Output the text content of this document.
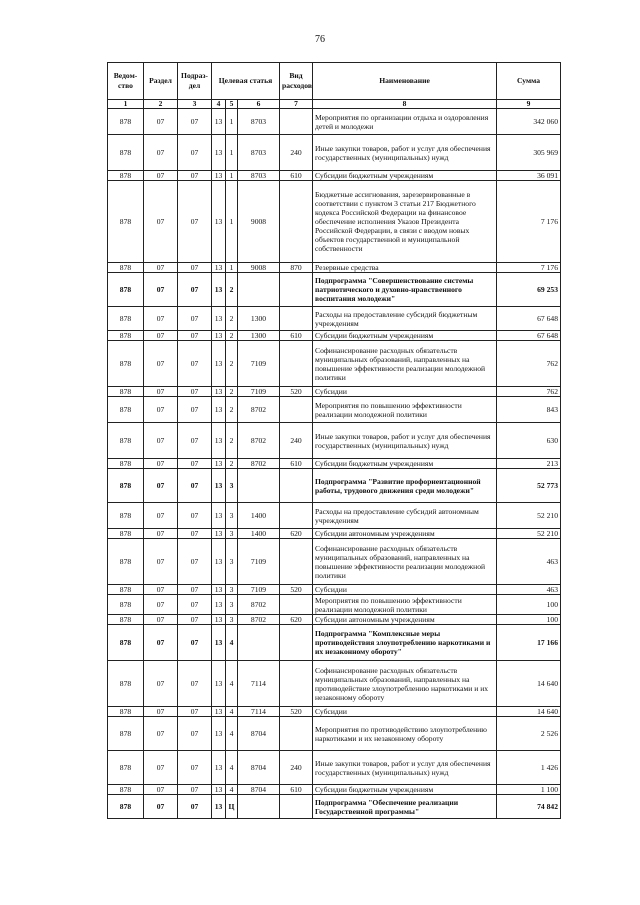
76
Ведом-ство	Раздел	Подраз-дел	Целевая статья			Вид расходов	Наименование	Сумма
1	2	3	4	5	6	7	8	9
878	07	07	13	1	8703		Мероприятия по организации отдыха и оздоровления детей и молодежи	342 060
878	07	07	13	1	8703	240	Иные закупки товаров, работ и услуг для обеспечения государственных (муниципальных) нужд	305 969
878	07	07	13	1	8703	610	Субсидии бюджетным учреждениям	36 091
878	07	07	13	1	9008		Бюджетные ассигнования, зарезервированные в соответствии с пунктом 3 статьи 217 Бюджетного кодекса Российской Федерации на финансовое обеспечение исполнения Указов Президента Российской Федерации, в связи с вводом новых объектов государственной и муниципальной собственности	7 176
878	07	07	13	1	9008	870	Резервные средства	7 176
878	07	07	13	2			Подпрограмма "Совершенствование системы патриотического и духовно-нравственного воспитания молодежи"	69 253
878	07	07	13	2	1300		Расходы на предоставление субсидий бюджетным учреждениям	67 648
878	07	07	13	2	1300	610	Субсидии бюджетным учреждениям	67 648
878	07	07	13	2	7109		Софинансирование расходных обязательств муниципальных образований, направленных на повышение эффективности реализации молодежной политики	762
878	07	07	13	2	7109	520	Субсидии	762
878	07	07	13	2	8702		Мероприятия по повышению эффективности реализации молодежной политики	843
878	07	07	13	2	8702	240	Иные закупки товаров, работ и услуг для обеспечения государственных (муниципальных) нужд	630
878	07	07	13	2	8702	610	Субсидии бюджетным учреждениям	213
878	07	07	13	3			Подпрограмма "Развитие профориентационной работы, трудового движения среди молодежи"	52 773
878	07	07	13	3	1400		Расходы на предоставление субсидий автономным учреждениям	52 210
878	07	07	13	3	1400	620	Субсидии автономным учреждениям	52 210
878	07	07	13	3	7109		Софинансирование расходных обязательств муниципальных образований, направленных на повышение эффективности реализации молодежной политики	463
878	07	07	13	3	7109	520	Субсидии	463
878	07	07	13	3	8702		Мероприятия по повышению эффективности реализации молодежной политики	100
878	07	07	13	3	8702	620	Субсидии автономным учреждениям	100
878	07	07	13	4			Подпрограмма "Комплексные меры противодействия злоупотреблению наркотиками и их незаконному обороту"	17 166
878	07	07	13	4	7114		Софинансирование расходных обязательств муниципальных образований, направленных на противодействие злоупотреблению наркотиками и их незаконному обороту	14 640
878	07	07	13	4	7114	520	Субсидии	14 640
878	07	07	13	4	8704		Мероприятия по противодействию злоупотреблению наркотиками и их незаконному обороту	2 526
878	07	07	13	4	8704	240	Иные закупки товаров, работ и услуг для обеспечения государственных (муниципальных) нужд	1 426
878	07	07	13	4	8704	610	Субсидии бюджетным учреждениям	1 100
878	07	07	13	Ц			Подпрограмма "Обеспечение реализации Государственной программы"	74 842
